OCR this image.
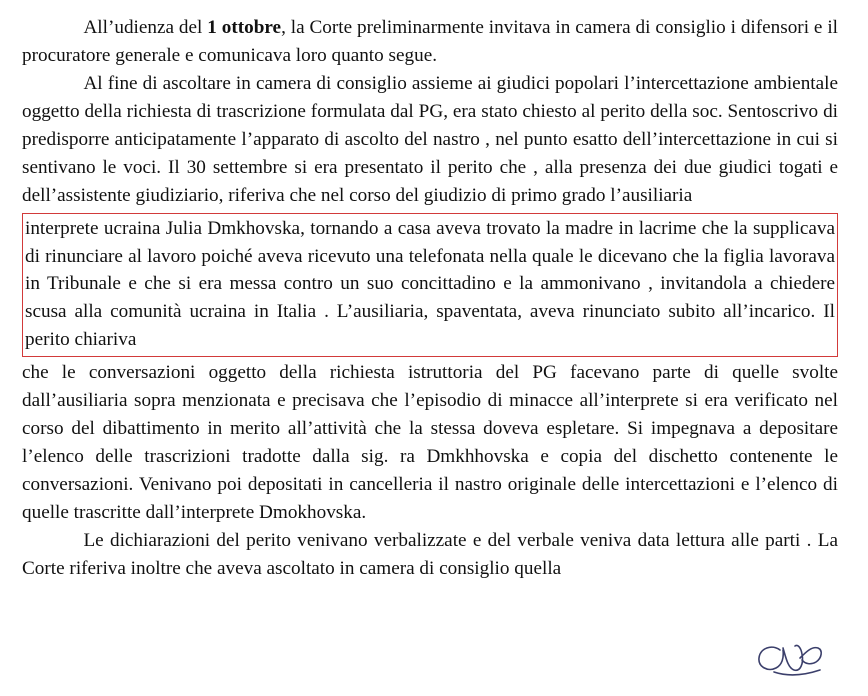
All’udienza del 1 ottobre, la Corte preliminarmente invitava in camera di consiglio i difensori e il procuratore generale e comunicava loro quanto segue.

Al fine di ascoltare in camera di consiglio assieme ai giudici popolari l’intercettazione ambientale oggetto della richiesta di trascrizione formulata dal PG, era stato chiesto al perito della soc. Sentoscrivo di predisporre anticipatamente l’apparato di ascolto del nastro , nel punto esatto dell’intercettazione in cui si sentivano le voci. Il 30 settembre si era presentato il perito che , alla presenza dei due giudici togati e dell’assistente giudiziario, riferiva che nel corso del giudizio di primo grado l’ausiliaria

interprete ucraina Julia Dmkhovska, tornando a casa aveva trovato la madre in lacrime che la supplicava di rinunciare al lavoro poiché aveva ricevuto una telefonata nella quale le dicevano che la figlia lavorava in Tribunale e che si era messa contro un suo concittadino e la ammonivano , invitandola a chiedere scusa alla comunità ucraina in Italia . L’ausiliaria, spaventata, aveva rinunciato subito all’incarico. Il perito chiariva

che le conversazioni oggetto della richiesta istruttoria del PG facevano parte di quelle svolte dall’ausiliaria sopra menzionata e precisava che l’episodio di minacce all’interprete si era verificato nel corso del dibattimento in merito all’attività che la stessa doveva espletare. Si impegnava a depositare l’elenco delle trascrizioni tradotte dalla sig. ra Dmkhhovska e copia del dischetto contenente le conversazioni. Venivano poi depositati in cancelleria il nastro originale delle intercettazioni e l’elenco di quelle trascritte dall’interprete Dmokhovska.

Le dichiarazioni del perito venivano verbalizzate e del verbale veniva data lettura alle parti . La Corte riferiva inoltre che aveva ascoltato in camera di consiglio quella
